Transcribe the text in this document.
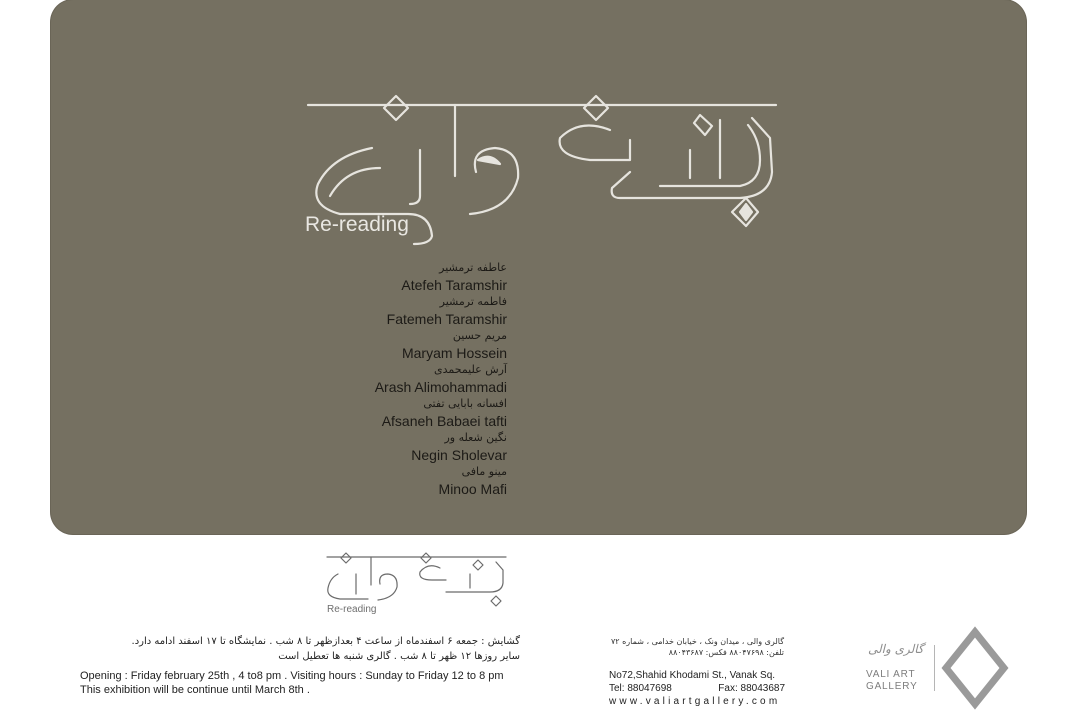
Re-reading
عاطفه ترمشیر
Atefeh Taramshir
فاطمه ترمشیر
Fatemeh Taramshir
مریم حسین
Maryam Hossein
آرش علیمحمدی
Arash Alimohammadi
افسانه بابایی تفتی
Afsaneh Babaei tafti
نگین شعله ور
Negin Sholevar
مینو مافی
Minoo Mafi
Re-reading
گشایش : جمعه ۶ اسفندماه از ساعت ۴ بعدازظهر تا ۸ شب . نمایشگاه تا ۱۷ اسفند ادامه دارد.
سایر روزها ۱۲ ظهر تا ۸ شب . گالری شنبه ها تعطیل است
Opening : Friday february 25th , 4 to8 pm . Visiting hours : Sunday to Friday 12 to 8 pm
This exhibition will be continue until March 8th .
گالری والی ، میدان ونک ، خیابان خدامی ، شماره ۷۲
تلفن: ۸۸۰۴۷۶۹۸ فکس: ۸۸۰۴۳۶۸۷
No72,Shahid Khodami St., Vanak Sq.
Tel: 88047698	Fax: 88043687
www.valiartgallery.com
گالری والی
VALI ART
GALLERY
